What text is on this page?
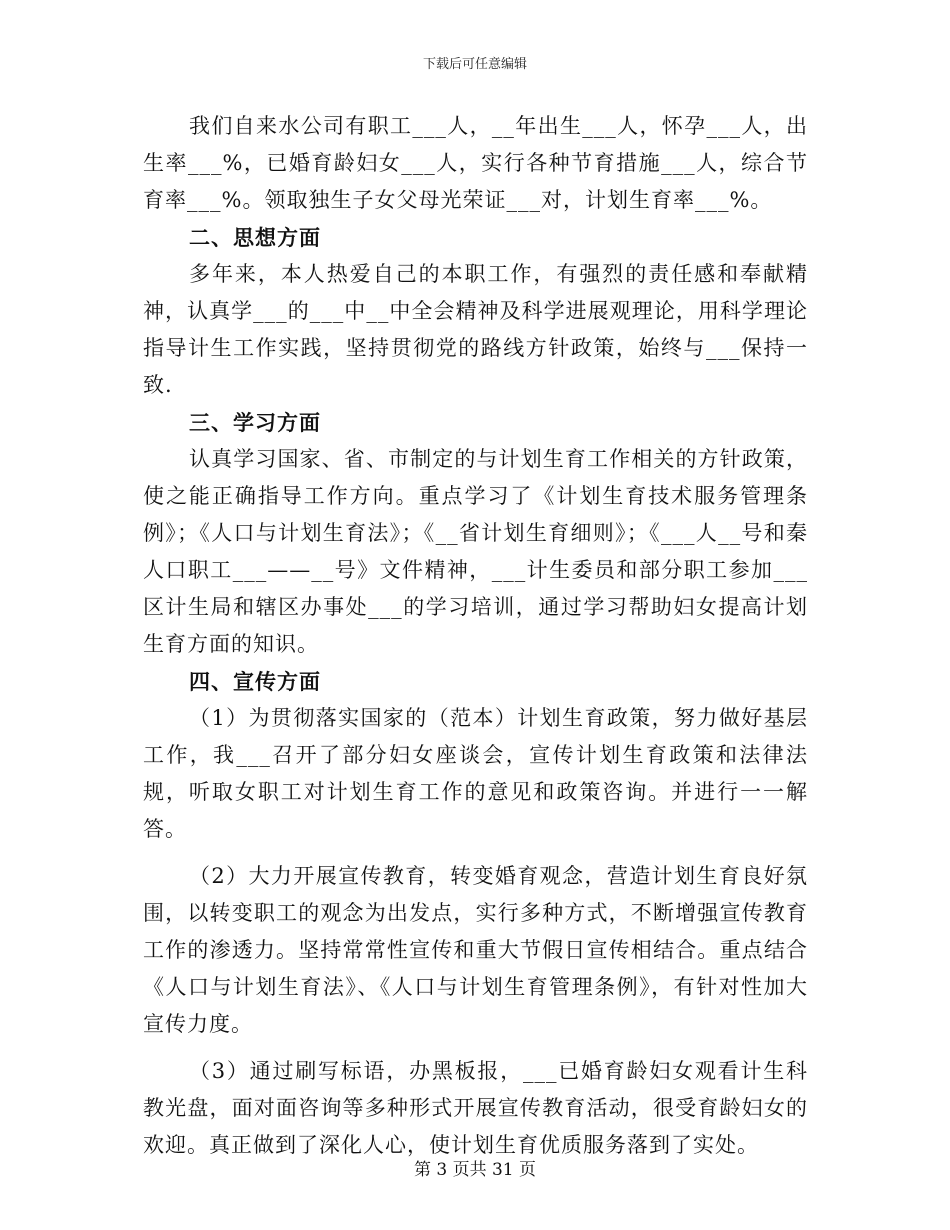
下载后可任意编辑

我们自来水公司有职工___人，__年出生___人，怀孕___人，出生率___%，已婚育龄妇女___人，实行各种节育措施___人，综合节育率___%。领取独生子女父母光荣证___对，计划生育率___%。

二、思想方面

多年来，本人热爱自己的本职工作，有强烈的责任感和奉献精神，认真学___的___中__中全会精神及科学进展观理论，用科学理论指导计生工作实践，坚持贯彻党的路线方针政策，始终与___保持一致.

三、学习方面

认真学习国家、省、市制定的与计划生育工作相关的方针政策，使之能正确指导工作方向。重点学习了《计划生育技术服务管理条例》；《人口与计划生育法》；《__省计划生育细则》；《___人__号和秦人口职工___——__号》文件精神，___计生委员和部分职工参加___区计生局和辖区办事处___的学习培训，通过学习帮助妇女提高计划生育方面的知识。

四、宣传方面

（1）为贯彻落实国家的（范本）计划生育政策，努力做好基层工作，我___召开了部分妇女座谈会，宣传计划生育政策和法律法规，听取女职工对计划生育工作的意见和政策咨询。并进行一一解答。

（2）大力开展宣传教育，转变婚育观念，营造计划生育良好氛围，以转变职工的观念为出发点，实行多种方式，不断增强宣传教育工作的渗透力。坚持常常性宣传和重大节假日宣传相结合。重点结合《人口与计划生育法》、《人口与计划生育管理条例》，有针对性加大宣传力度。

（3）通过刷写标语，办黑板报，___已婚育龄妇女观看计生科教光盘，面对面咨询等多种形式开展宣传教育活动，很受育龄妇女的欢迎。真正做到了深化人心，使计划生育优质服务落到了实处。

第 3 页共 31 页
